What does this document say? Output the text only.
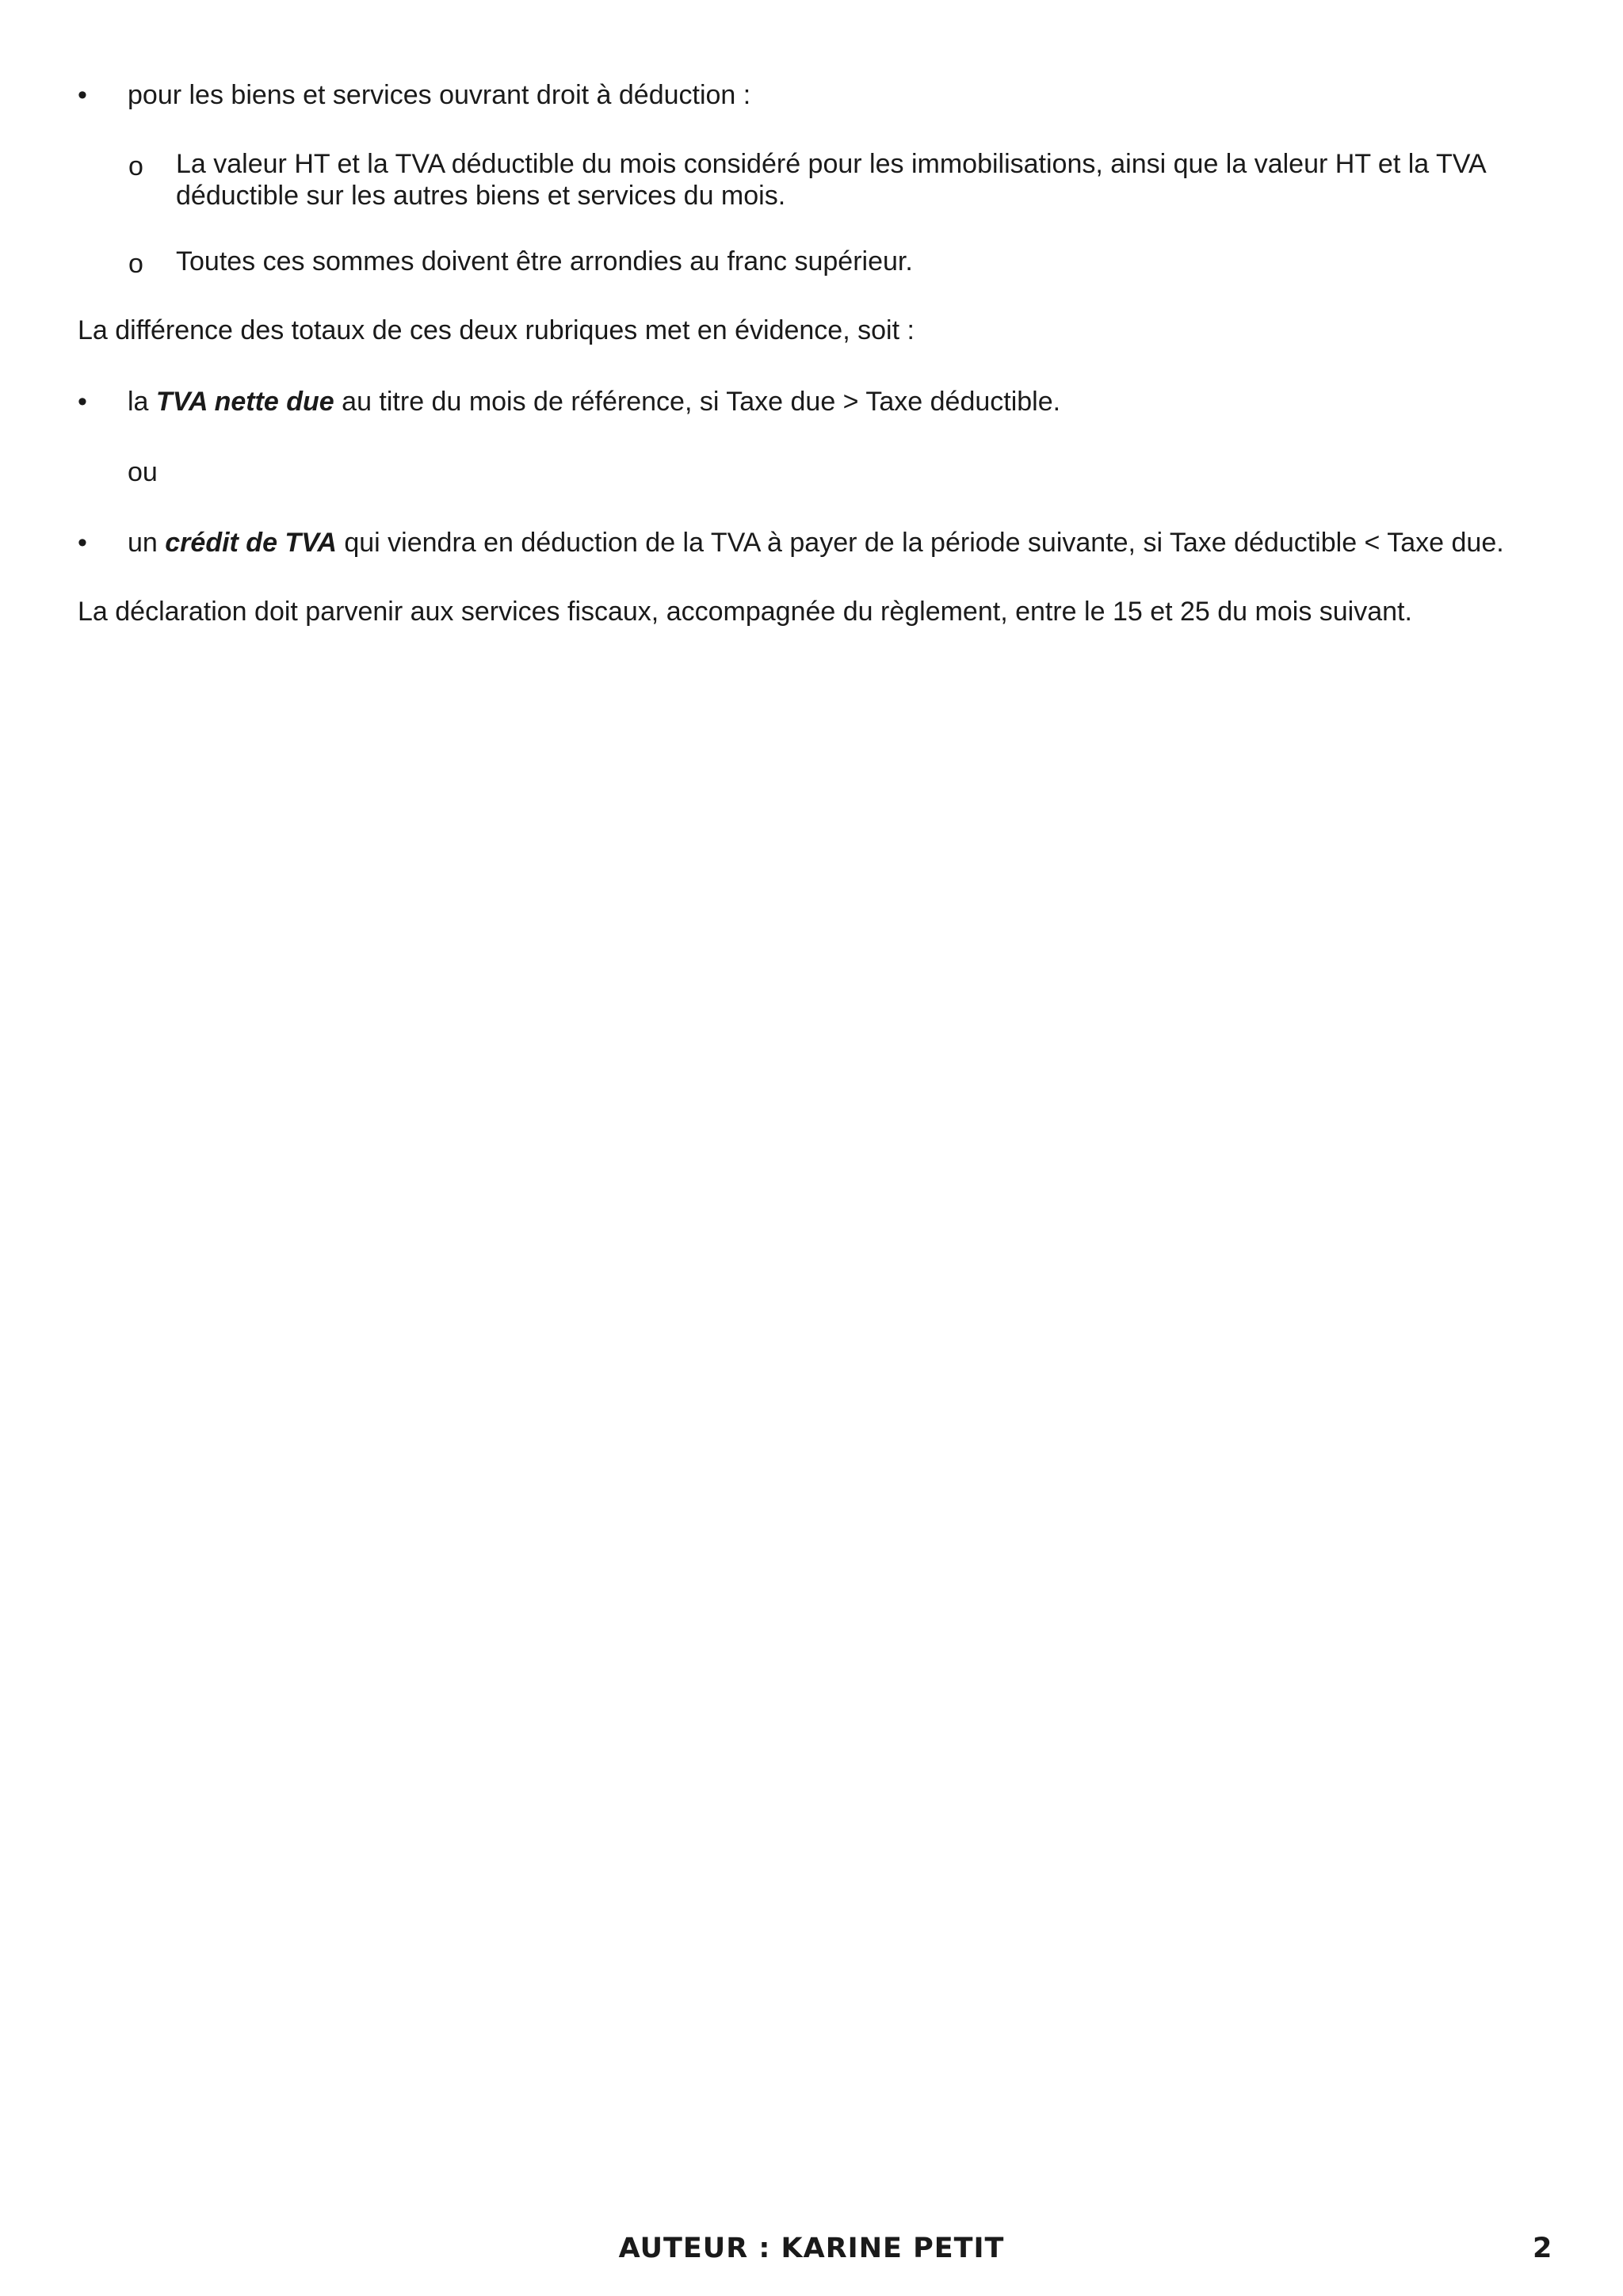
• pour les biens et services ouvrant droit à déduction :
o La valeur HT et la TVA déductible du mois considéré pour les immobilisations, ainsi que la valeur HT et la TVA
déductible sur les autres biens et services du mois.
o Toutes ces sommes doivent être arrondies au franc supérieur.
La différence des totaux de ces deux rubriques met en évidence, soit :
• la TVA nette due au titre du mois de référence, si Taxe due > Taxe déductible.
ou
• un crédit de TVA qui viendra en déduction de la TVA à payer de la période suivante, si Taxe déductible < Taxe due.
La déclaration doit parvenir aux services fiscaux, accompagnée du règlement, entre le 15 et 25 du mois suivant.
AUTEUR : KARINE PETIT	2
